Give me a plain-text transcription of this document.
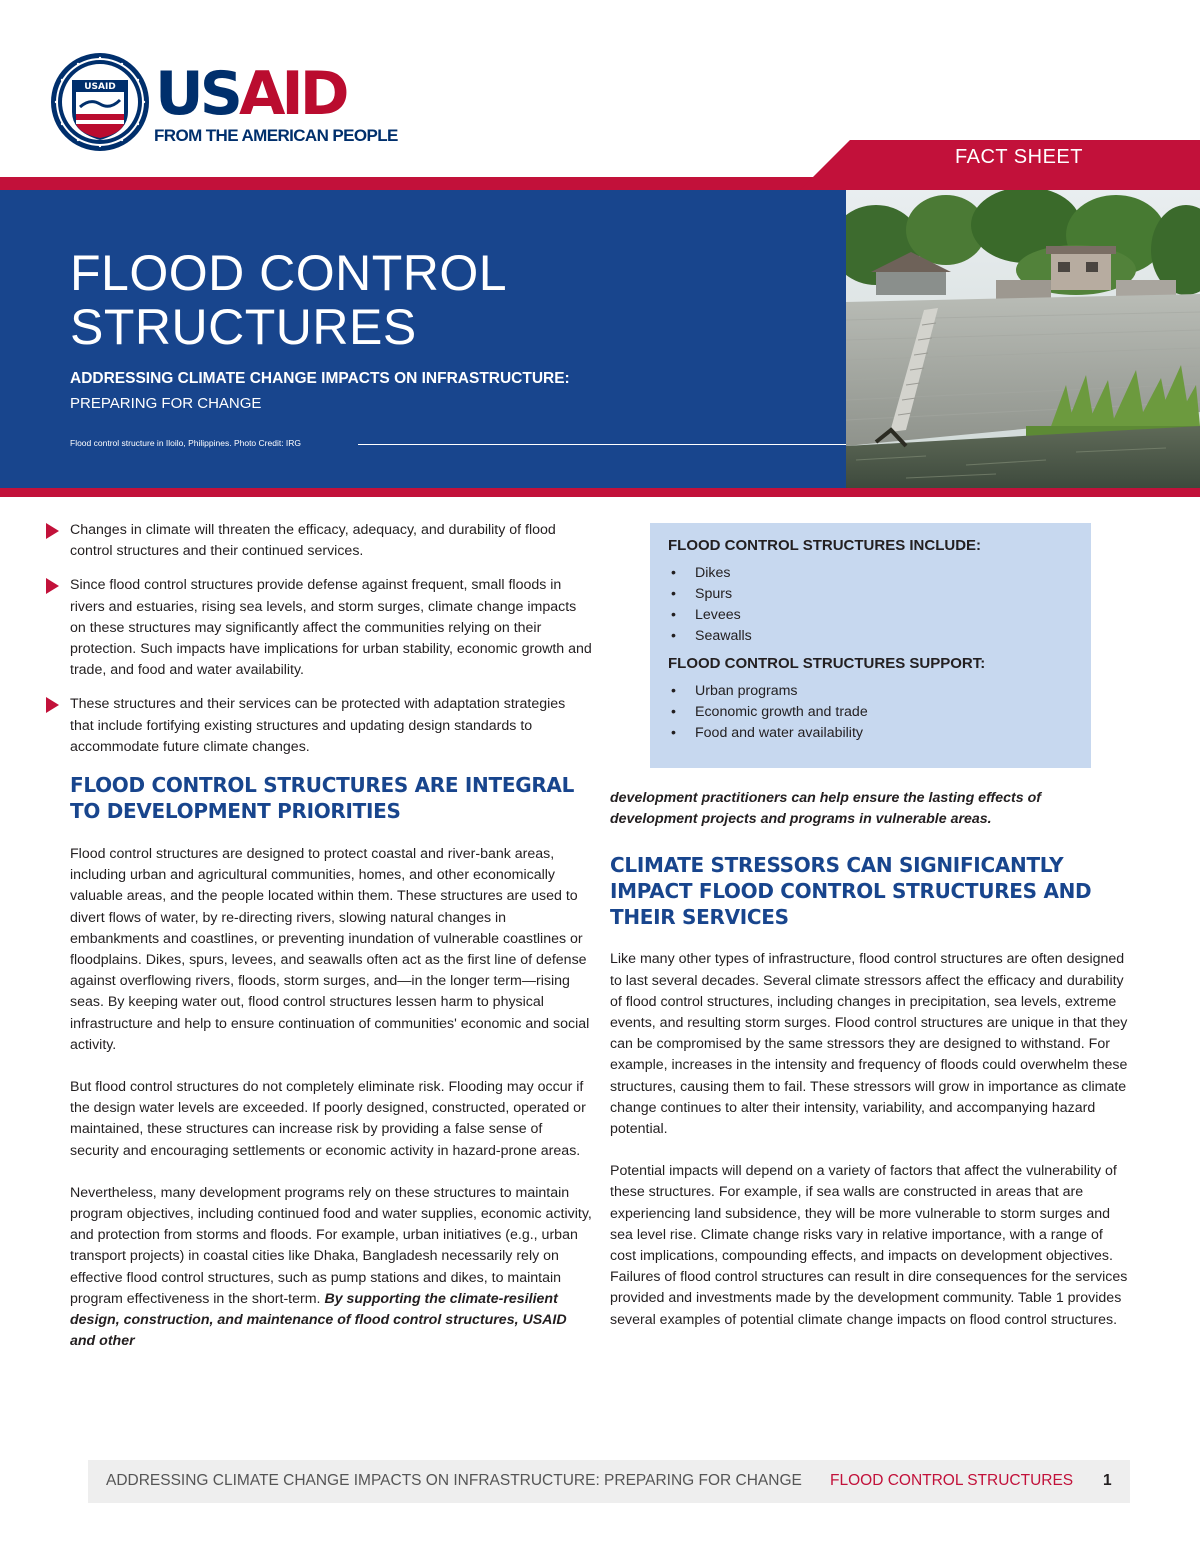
USAID USAID
FROM THE AMERICAN PEOPLE
FACT SHEET
FLOOD CONTROL STRUCTURES
ADDRESSING CLIMATE CHANGE IMPACTS ON INFRASTRUCTURE:
PREPARING FOR CHANGE
Flood control structure in Iloilo, Philippines. Photo Credit: IRG
Changes in climate will threaten the efficacy, adequacy, and durability of flood control structures and their continued services.
Since flood control structures provide defense against frequent, small floods in rivers and estuaries, rising sea levels, and storm surges, climate change impacts on these structures may significantly affect the communities relying on their protection. Such impacts have implications for urban stability, economic growth and trade, and food and water availability.
These structures and their services can be protected with adaptation strategies that include fortifying existing structures and updating design standards to accommodate future climate changes.
FLOOD CONTROL STRUCTURES ARE INTEGRAL TO DEVELOPMENT PRIORITIES

Flood control structures are designed to protect coastal and river-bank areas, including urban and agricultural communities, homes, and other economically valuable areas, and the people located within them. These structures are used to divert flows of water, by re-directing rivers, slowing natural changes in embankments and coastlines, or preventing inundation of vulnerable coastlines or floodplains. Dikes, spurs, levees, and seawalls often act as the first line of defense against overflowing rivers, floods, storm surges, and—in the longer term—rising seas. By keeping water out, flood control structures lessen harm to physical infrastructure and help to ensure continuation of communities' economic and social activity.

But flood control structures do not completely eliminate risk. Flooding may occur if the design water levels are exceeded. If poorly designed, constructed, operated or maintained, these structures can increase risk by providing a false sense of security and encouraging settlements or economic activity in hazard-prone areas.

Nevertheless, many development programs rely on these structures to maintain program objectives, including continued food and water supplies, economic activity, and protection from storms and floods. For example, urban initiatives (e.g., urban transport projects) in coastal cities like Dhaka, Bangladesh necessarily rely on effective flood control structures, such as pump stations and dikes, to maintain program effectiveness in the short-term. By supporting the climate-resilient design, construction, and maintenance of flood control structures, USAID and other

FLOOD CONTROL STRUCTURES INCLUDE:
• Dikes
• Spurs
• Levees
• Seawalls
FLOOD CONTROL STRUCTURES SUPPORT:
• Urban programs
• Economic growth and trade
• Food and water availability

development practitioners can help ensure the lasting effects of development projects and programs in vulnerable areas.

CLIMATE STRESSORS CAN SIGNIFICANTLY IMPACT FLOOD CONTROL STRUCTURES AND THEIR SERVICES

Like many other types of infrastructure, flood control structures are often designed to last several decades. Several climate stressors affect the efficacy and durability of flood control structures, including changes in precipitation, sea levels, extreme events, and resulting storm surges. Flood control structures are unique in that they can be compromised by the same stressors they are designed to withstand. For example, increases in the intensity and frequency of floods could overwhelm these structures, causing them to fail. These stressors will grow in importance as climate change continues to alter their intensity, variability, and accompanying hazard potential.

Potential impacts will depend on a variety of factors that affect the vulnerability of these structures. For example, if sea walls are constructed in areas that are experiencing land subsidence, they will be more vulnerable to storm surges and sea level rise. Climate change risks vary in relative importance, with a range of cost implications, compounding effects, and impacts on development objectives. Failures of flood control structures can result in dire consequences for the services provided and investments made by the development community. Table 1 provides several examples of potential climate change impacts on flood control structures.

ADDRESSING CLIMATE CHANGE IMPACTS ON INFRASTRUCTURE: PREPARING FOR CHANGE FLOOD CONTROL STRUCTURES 1
